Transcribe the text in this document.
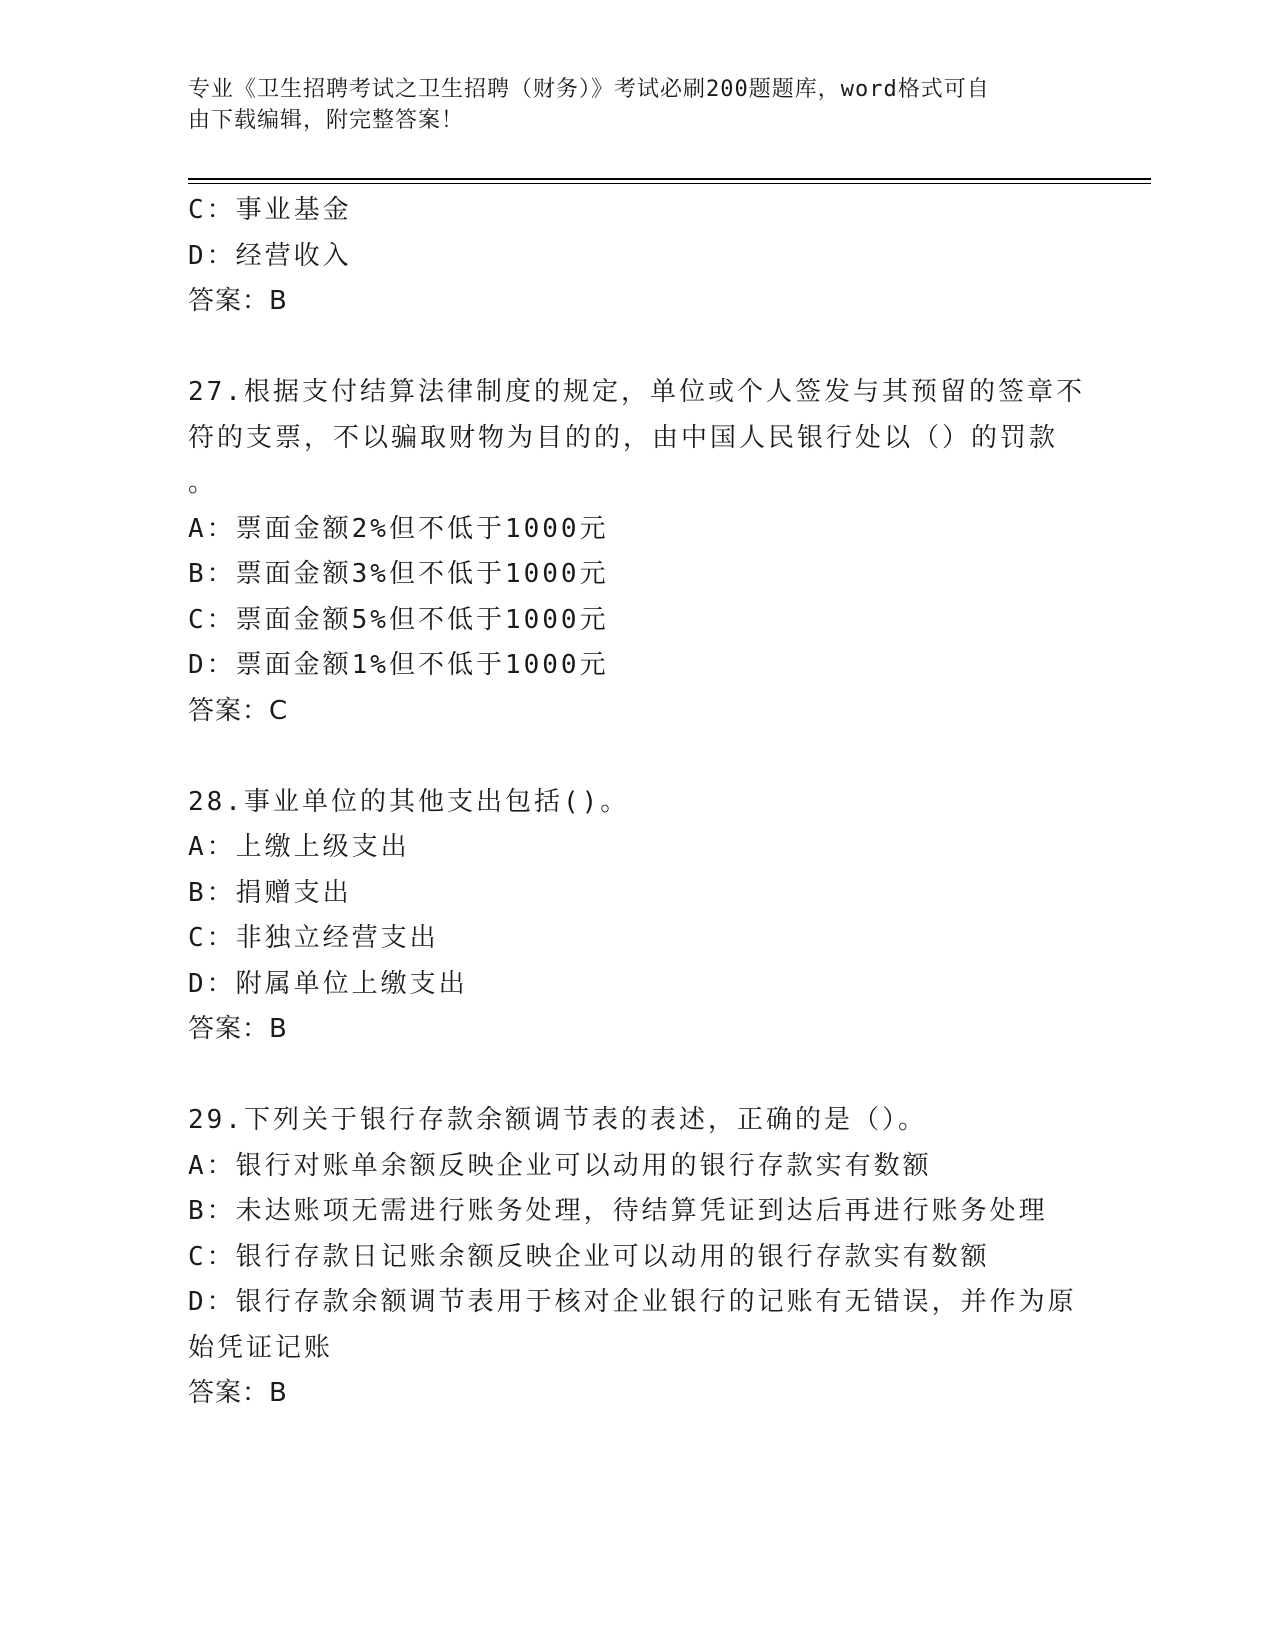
专业《卫生招聘考试之卫生招聘（财务）》考试必刷200题题库，word格式可自
由下载编辑，附完整答案！
C：事业基金
D：经营收入
答案：B
27.根据支付结算法律制度的规定，单位或个人签发与其预留的签章不
符的支票，不以骗取财物为目的的，由中国人民银行处以（）的罚款
。
A：票面金额2%但不低于1000元
B：票面金额3%但不低于1000元
C：票面金额5%但不低于1000元
D：票面金额1%但不低于1000元
答案：C
28.事业单位的其他支出包括()。
A：上缴上级支出
B：捐赠支出
C：非独立经营支出
D：附属单位上缴支出
答案：B
29.下列关于银行存款余额调节表的表述，正确的是（）。
A：银行对账单余额反映企业可以动用的银行存款实有数额
B：未达账项无需进行账务处理，待结算凭证到达后再进行账务处理
C：银行存款日记账余额反映企业可以动用的银行存款实有数额
D：银行存款余额调节表用于核对企业银行的记账有无错误，并作为原
始凭证记账
答案：B
